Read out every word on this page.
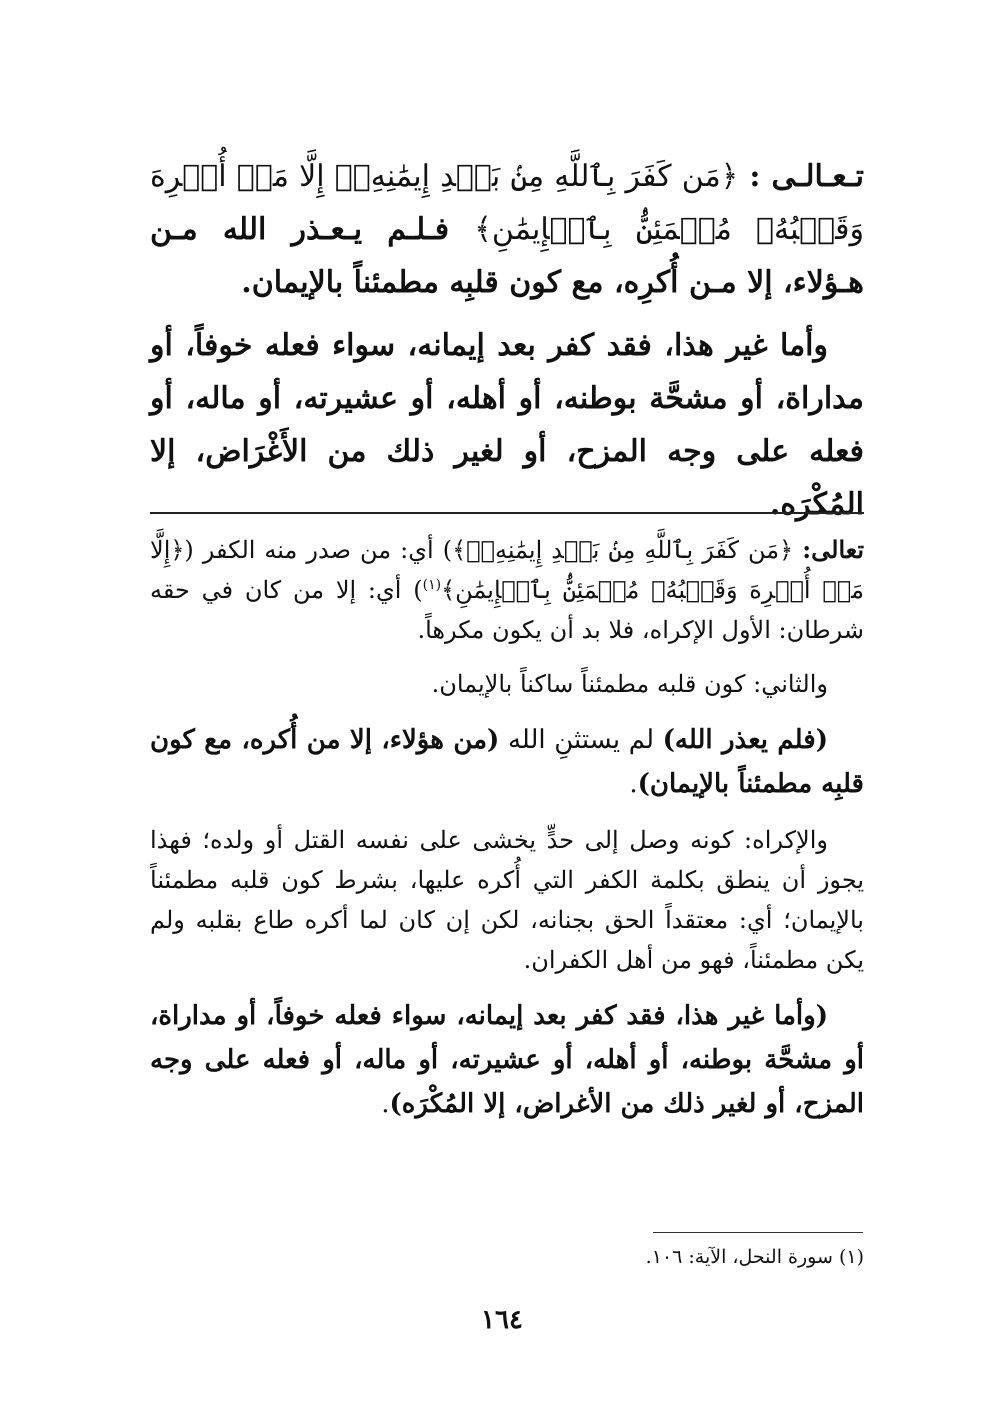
تـعـالـى : ﴿مَن كَفَرَ بِٱللَّهِ مِنۢ بَعۡدِ إِيمَٰنِهِۦٓ إِلَّا مَنۡ أُكۡرِهَ وَقَلۡبُهُۥ مُطۡمَئِنُّۢ بِٱلۡإِيمَٰنِ﴾ فـلـم يـعـذر الله مـن هـؤلاء، إلا مـن أُكرِه، مع كون قلبِه مطمئناً بالإيمان.

وأما غير هذا، فقد كفر بعد إيمانه، سواء فعله خوفاً، أو مداراة، أو مشحَّة بوطنه، أو أهله، أو عشيرته، أو ماله، أو فعله على وجه المزح، أو لغير ذلك من الأَغْرَاض، إلا المُكْرَه.

تعالى: ﴿مَن كَفَرَ بِٱللَّهِ مِنۢ بَعۡدِ إِيمَٰنِهِۦٓ﴾) أي: من صدر منه الكفر (﴿إِلَّا مَنۡ أُكۡرِهَ وَقَلۡبُهُۥ مُطۡمَئِنُّۢ بِٱلۡإِيمَٰنِ﴾$^{(١)}$) أي: إلا من كان في حقه شرطان: الأول الإكراه، فلا بد أن يكون مكرهاً.

والثاني: كون قلبه مطمئناً ساكناً بالإيمان.

(فلم يعذر الله) لم يستثنِ الله (من هؤلاء، إلا من أُكره، مع كون قلبِه مطمئناً بالإيمان).

والإكراه: كونه وصل إلى حدٍّ يخشى على نفسه القتل أو ولده؛ فهذا يجوز أن ينطق بكلمة الكفر التي أُكره عليها، بشرط كون قلبه مطمئناً بالإيمان؛ أي: معتقداً الحق بجنانه، لكن إن كان لما أكره طاع بقلبه ولم يكن مطمئناً، فهو من أهل الكفران.

(وأما غير هذا، فقد كفر بعد إيمانه، سواء فعله خوفاً، أو مداراة، أو مشحَّة بوطنه، أو أهله، أو عشيرته، أو ماله، أو فعله على وجه المزح، أو لغير ذلك من الأغراض، إلا المُكْرَه).

(١) سورة النحل، الآية: ١٠٦.
١٦٤
